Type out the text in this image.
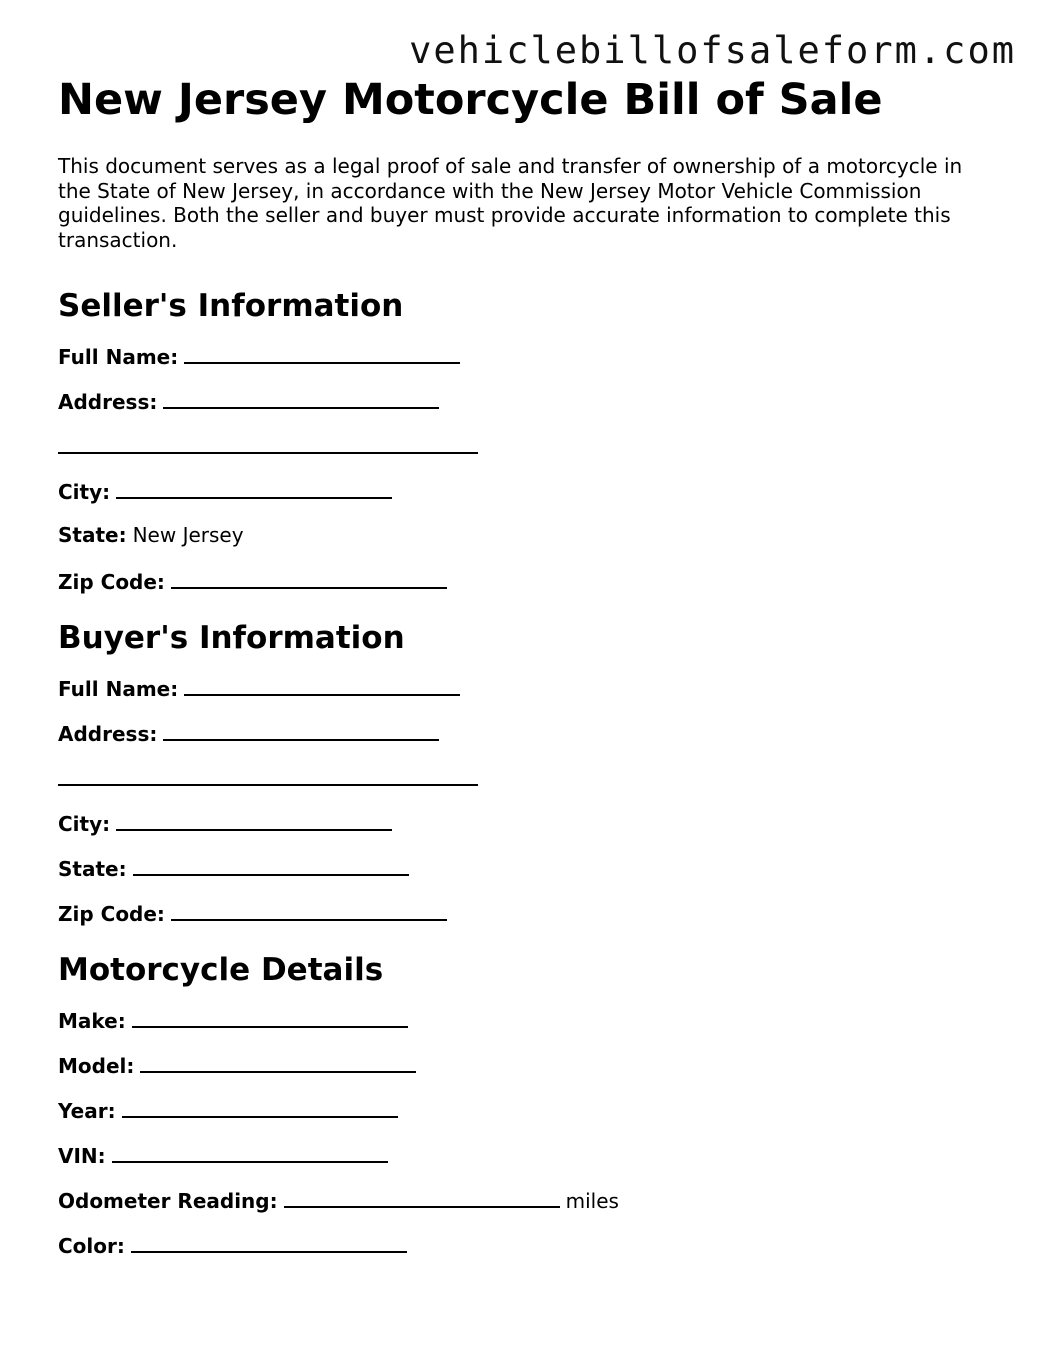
vehiclebillofsaleform.com
New Jersey Motorcycle Bill of Sale

This document serves as a legal proof of sale and transfer of ownership of a motorcycle in the State of New Jersey, in accordance with the New Jersey Motor Vehicle Commission guidelines. Both the seller and buyer must provide accurate information to complete this transaction.

Seller's Information
Full Name:
Address:
City:
State: New Jersey
Zip Code:
Buyer's Information
Full Name:
Address:
City:
State:
Zip Code:
Motorcycle Details
Make:
Model:
Year:
VIN:
Odometer Reading:	miles
Color:
